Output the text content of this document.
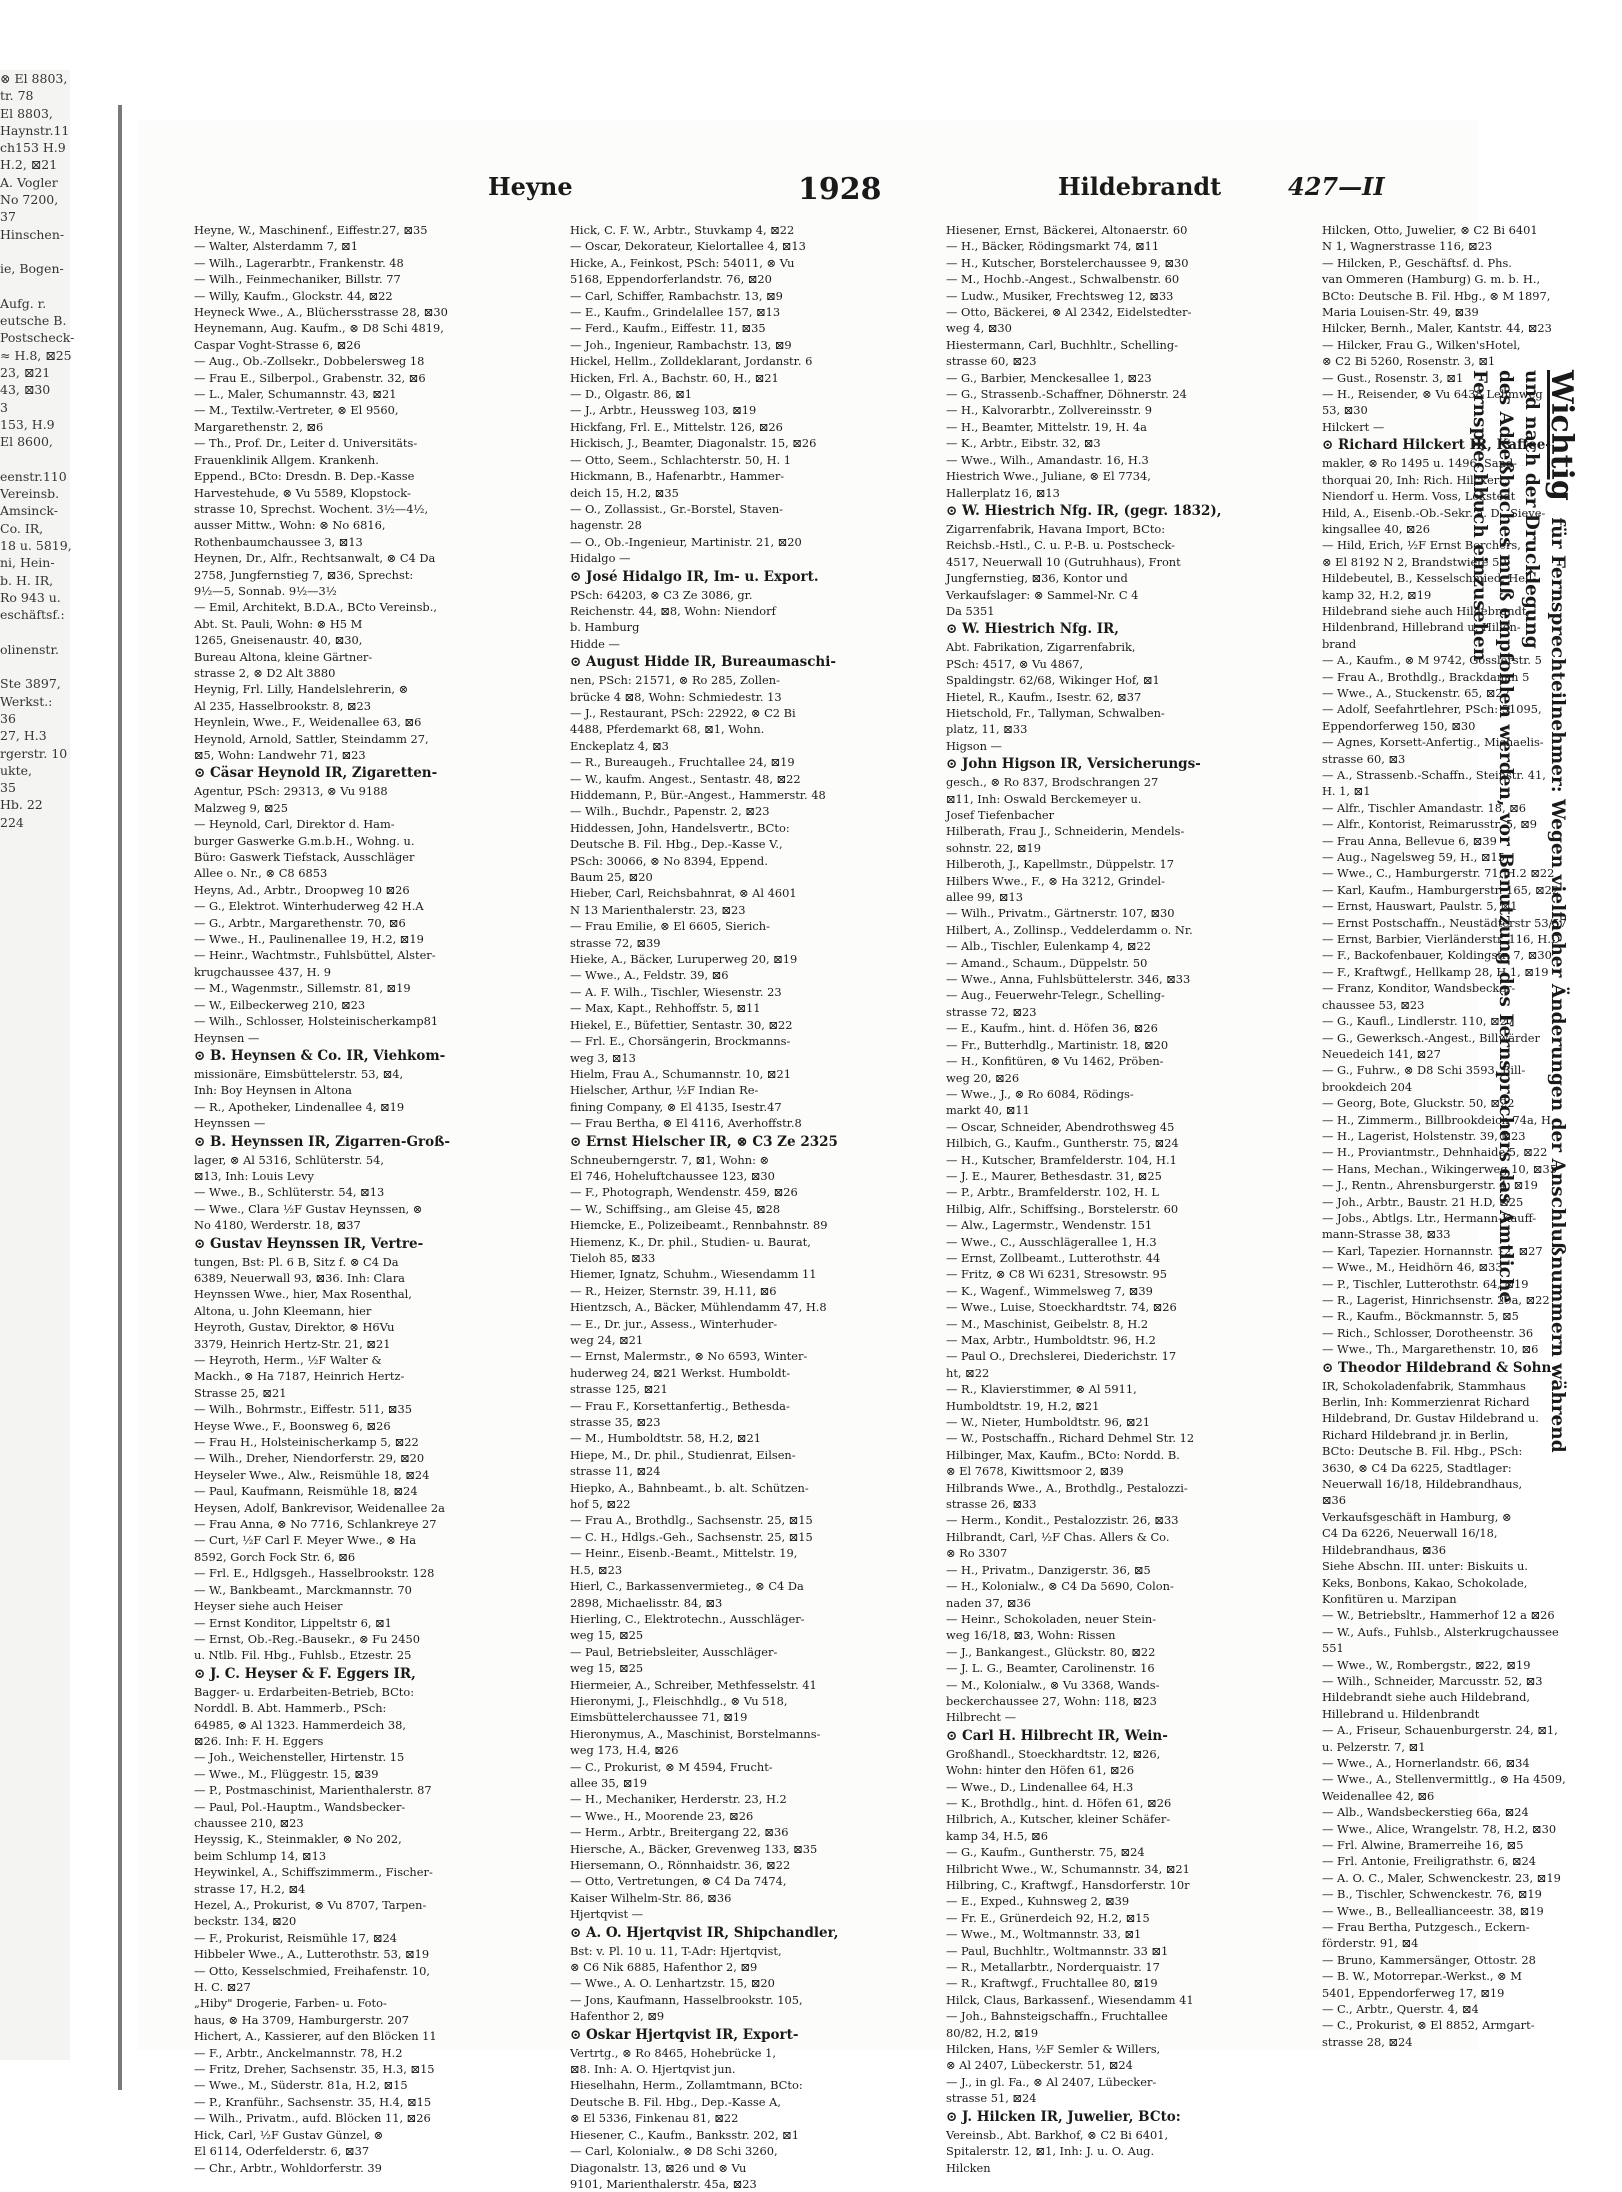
⊗ El 8803,
tr. 78
El 8803,
Haynstr.11
ch153 H.9
H.2, ⊠21
A. Vogler
No 7200,
37
Hinschen-

ie, Bogen-

Aufg. r.
eutsche B.
Postscheck-
≈ H.8, ⊠25
23, ⊠21
43, ⊠30
3
153, H.9
El 8600,

eenstr.110
Vereinsb.
Amsinck-
Co. IR,
18 u. 5819,
ni, Hein-
b. H. IR,
Ro 943 u.
eschäftsf.:

olinenstr.

Ste 3897,
Werkst.:
36
27, H.3
rgerstr. 10
ukte,
35
Hb. 22
224
Heyne	1928	Hildebrandt	427—II
Heyne, W., Maschinenf., Eiffestr.27, ⊠35
— Walter, Alsterdamm 7, ⊠1
— Wilh., Lagerarbtr., Frankenstr. 48
— Wilh., Feinmechaniker, Billstr. 77
— Willy, Kaufm., Glockstr. 44, ⊠22
Heyneck Wwe., A., Blüchersstrasse 28, ⊠30
Heynemann, Aug. Kaufm., ⊗ D8 Schi 4819,
Caspar Voght-Strasse 6, ⊠26
— Aug., Ob.-Zollsekr., Dobbelersweg 18
— Frau E., Silberpol., Grabenstr. 32, ⊠6
— L., Maler, Schumannstr. 43, ⊠21
— M., Textilw.-Vertreter, ⊗ El 9560,
Margarethenstr. 2, ⊠6
— Th., Prof. Dr., Leiter d. Universitäts-
Frauenklinik Allgem. Krankenh.
Eppend., BCto: Dresdn. B. Dep.-Kasse
Harvestehude, ⊗ Vu 5589, Klopstock-
strasse 10, Sprechst. Wochent. 3½—4½,
ausser Mittw., Wohn: ⊗ No 6816,
Rothenbaumchaussee 3, ⊠13
Heynen, Dr., Alfr., Rechtsanwalt, ⊗ C4 Da
2758, Jungfernstieg 7, ⊠36, Sprechst:
9½—5, Sonnab. 9½—3½
— Emil, Architekt, B.D.A., BCto Vereinsb.,
Abt. St. Pauli, Wohn: ⊗ H5 M
1265, Gneisenaustr. 40, ⊠30,
Bureau Altona, kleine Gärtner-
strasse 2, ⊗ D2 Alt 3880
Heynig, Frl. Lilly, Handelslehrerin, ⊗
Al 235, Hasselbrookstr. 8, ⊠23
Heynlein, Wwe., F., Weidenallee 63, ⊠6
Heynold, Arnold, Sattler, Steindamm 27,
⊠5, Wohn: Landwehr 71, ⊠23
⊙ Cäsar Heynold IR, Zigaretten-
Agentur, PSch: 29313, ⊗ Vu 9188
Malzweg 9, ⊠25
— Heynold, Carl, Direktor d. Ham-
burger Gaswerke G.m.b.H., Wohng. u.
Büro: Gaswerk Tiefstack, Ausschläger
Allee o. Nr., ⊗ C8 6853
Heyns, Ad., Arbtr., Droopweg 10 ⊠26
— G., Elektrot. Winterhuderweg 42 H.A
— G., Arbtr., Margarethenstr. 70, ⊠6
— Wwe., H., Paulinenallee 19, H.2, ⊠19
— Heinr., Wachtmstr., Fuhlsbüttel, Alster-
krugchaussee 437, H. 9
— M., Wagenmstr., Sillemstr. 81, ⊠19
— W., Eilbeckerweg 210, ⊠23
— Wilh., Schlosser, Holsteinischerkamp81
Heynsen —
⊙ B. Heynsen & Co. IR, Viehkom-
missionäre, Eimsbüttelerstr. 53, ⊠4,
Inh: Boy Heynsen in Altona
— R., Apotheker, Lindenallee 4, ⊠19
Heynssen —
⊙ B. Heynssen IR, Zigarren-Groß-
lager, ⊗ Al 5316, Schlüterstr. 54,
⊠13, Inh: Louis Levy
— Wwe., B., Schlüterstr. 54, ⊠13
— Wwe., Clara ½F Gustav Heynssen, ⊗
No 4180, Werderstr. 18, ⊠37
⊙ Gustav Heynssen IR, Vertre-
tungen, Bst: Pl. 6 B, Sitz f. ⊗ C4 Da
6389, Neuerwall 93, ⊠36. Inh: Clara
Heynssen Wwe., hier, Max Rosenthal,
Altona, u. John Kleemann, hier
Heyroth, Gustav, Direktor, ⊗ H6Vu
3379, Heinrich Hertz-Str. 21, ⊠21
— Heyroth, Herm., ½F Walter &
Mackh., ⊗ Ha 7187, Heinrich Hertz-
Strasse 25, ⊠21
— Wilh., Bohrmstr., Eiffestr. 511, ⊠35
Heyse Wwe., F., Boonsweg 6, ⊠26
— Frau H., Holsteinischerkamp 5, ⊠22
— Wilh., Dreher, Niendorferstr. 29, ⊠20
Heyseler Wwe., Alw., Reismühle 18, ⊠24
— Paul, Kaufmann, Reismühle 18, ⊠24
Heysen, Adolf, Bankrevisor, Weidenallee 2a
— Frau Anna, ⊗ No 7716, Schlankreye 27
— Curt, ½F Carl F. Meyer Wwe., ⊗ Ha
8592, Gorch Fock Str. 6, ⊠6
— Frl. E., Hdlgsgeh., Hasselbrookstr. 128
— W., Bankbeamt., Marckmannstr. 70
Heyser siehe auch Heiser
— Ernst Konditor, Lippeltstr 6, ⊠1
— Ernst, Ob.-Reg.-Bausekr., ⊗ Fu 2450
u. Ntlb. Fil. Hbg., Fuhlsb., Etzestr. 25
⊙ J. C. Heyser & F. Eggers IR,
Bagger- u. Erdarbeiten-Betrieb, BCto:
Norddl. B. Abt. Hammerb., PSch:
64985, ⊗ Al 1323. Hammerdeich 38,
⊠26. Inh: F. H. Eggers
— Joh., Weichensteller, Hirtenstr. 15
— Wwe., M., Flüggestr. 15, ⊠39
— P., Postmaschinist, Marienthalerstr. 87
— Paul, Pol.-Hauptm., Wandsbecker-
chaussee 210, ⊠23
Heyssig, K., Steinmakler, ⊗ No 202,
beim Schlump 14, ⊠13
Heywinkel, A., Schiffszimmerm., Fischer-
strasse 17, H.2, ⊠4
Hezel, A., Prokurist, ⊗ Vu 8707, Tarpen-
beckstr. 134, ⊠20
— F., Prokurist, Reismühle 17, ⊠24
Hibbeler Wwe., A., Lutterothstr. 53, ⊠19
— Otto, Kesselschmied, Freihafenstr. 10,
H. C. ⊠27
„Hiby" Drogerie, Farben- u. Foto-
haus, ⊗ Ha 3709, Hamburgerstr. 207
Hichert, A., Kassierer, auf den Blöcken 11
— F., Arbtr., Anckelmannstr. 78, H.2
— Fritz, Dreher, Sachsenstr. 35, H.3, ⊠15
— Wwe., M., Süderstr. 81a, H.2, ⊠15
— P., Kranführ., Sachsenstr. 35, H.4, ⊠15
— Wilh., Privatm., aufd. Blöcken 11, ⊠26
Hick, Carl, ½F Gustav Günzel, ⊗
El 6114, Oderfelderstr. 6, ⊠37
— Chr., Arbtr., Wohldorferstr. 39
Hick, C. F. W., Arbtr., Stuvkamp 4, ⊠22
— Oscar, Dekorateur, Kielortallee 4, ⊠13
Hicke, A., Feinkost, PSch: 54011, ⊗ Vu
5168, Eppendorferlandstr. 76, ⊠20
— Carl, Schiffer, Rambachstr. 13, ⊠9
— E., Kaufm., Grindelallee 157, ⊠13
— Ferd., Kaufm., Eiffestr. 11, ⊠35
— Joh., Ingenieur, Rambachstr. 13, ⊠9
Hickel, Hellm., Zolldeklarant, Jordanstr. 6
Hicken, Frl. A., Bachstr. 60, H., ⊠21
— D., Olgastr. 86, ⊠1
— J., Arbtr., Heussweg 103, ⊠19
Hickfang, Frl. E., Mittelstr. 126, ⊠26
Hickisch, J., Beamter, Diagonalstr. 15, ⊠26
— Otto, Seem., Schlachterstr. 50, H. 1
Hickmann, B., Hafenarbtr., Hammer-
deich 15, H.2, ⊠35
— O., Zollassist., Gr.-Borstel, Staven-
hagenstr. 28
— O., Ob.-Ingenieur, Martinistr. 21, ⊠20
Hidalgo —
⊙ José Hidalgo IR, Im- u. Export.
PSch: 64203, ⊗ C3 Ze 3086, gr.
Reichenstr. 44, ⊠8, Wohn: Niendorf
b. Hamburg
Hidde —
⊙ August Hidde IR, Bureaumaschi-
nen, PSch: 21571, ⊗ Ro 285, Zollen-
brücke 4 ⊠8, Wohn: Schmiedestr. 13
— J., Restaurant, PSch: 22922, ⊗ C2 Bi
4488, Pferdemarkt 68, ⊠1, Wohn.
Enckeplatz 4, ⊠3
— R., Bureaugeh., Fruchtallee 24, ⊠19
— W., kaufm. Angest., Sentastr. 48, ⊠22
Hiddemann, P., Bür.-Angest., Hammerstr. 48
— Wilh., Buchdr., Papenstr. 2, ⊠23
Hiddessen, John, Handelsvertr., BCto:
Deutsche B. Fil. Hbg., Dep.-Kasse V.,
PSch: 30066, ⊗ No 8394, Eppend.
Baum 25, ⊠20
Hieber, Carl, Reichsbahnrat, ⊗ Al 4601
N 13 Marienthalerstr. 23, ⊠23
— Frau Emilie, ⊗ El 6605, Sierich-
strasse 72, ⊠39
Hieke, A., Bäcker, Luruperweg 20, ⊠19
— Wwe., A., Feldstr. 39, ⊠6
— A. F. Wilh., Tischler, Wiesenstr. 23
— Max, Kapt., Rehhoffstr. 5, ⊠11
Hiekel, E., Büfettier, Sentastr. 30, ⊠22
— Frl. E., Chorsängerin, Brockmanns-
weg 3, ⊠13
Hielm, Frau A., Schumannstr. 10, ⊠21
Hielscher, Arthur, ½F Indian Re-
fining Company, ⊗ El 4135, Isestr.47
— Frau Bertha, ⊗ El 4116, Averhoffstr.8
⊙ Ernst Hielscher IR, ⊗ C3 Ze 2325
Schneuberngerstr. 7, ⊠1, Wohn: ⊗
El 746, Hoheluftchaussee 123, ⊠30
— F., Photograph, Wendenstr. 459, ⊠26
— W., Schiffsing., am Gleise 45, ⊠28
Hiemcke, E., Polizeibeamt., Rennbahnstr. 89
Hiemenz, K., Dr. phil., Studien- u. Baurat,
Tieloh 85, ⊠33
Hiemer, Ignatz, Schuhm., Wiesendamm 11
— R., Heizer, Sternstr. 39, H.11, ⊠6
Hientzsch, A., Bäcker, Mühlendamm 47, H.8
— E., Dr. jur., Assess., Winterhuder-
weg 24, ⊠21
— Ernst, Malermstr., ⊗ No 6593, Winter-
huderweg 24, ⊠21 Werkst. Humboldt-
strasse 125, ⊠21
— Frau F., Korsettanfertig., Bethesda-
strasse 35, ⊠23
— M., Humboldtstr. 58, H.2, ⊠21
Hiepe, M., Dr. phil., Studienrat, Eilsen-
strasse 11, ⊠24
Hiepko, A., Bahnbeamt., b. alt. Schützen-
hof 5, ⊠22
— Frau A., Brothdlg., Sachsenstr. 25, ⊠15
— C. H., Hdlgs.-Geh., Sachsenstr. 25, ⊠15
— Heinr., Eisenb.-Beamt., Mittelstr. 19,
H.5, ⊠23
Hierl, C., Barkassenvermieteg., ⊗ C4 Da
2898, Michaelisstr. 84, ⊠3
Hierling, C., Elektrotechn., Ausschläger-
weg 15, ⊠25
— Paul, Betriebsleiter, Ausschläger-
weg 15, ⊠25
Hiermeier, A., Schreiber, Methfesselstr. 41
Hieronymi, J., Fleischhdlg., ⊗ Vu 518,
Eimsbüttelerchaussee 71, ⊠19
Hieronymus, A., Maschinist, Borstelmanns-
weg 173, H.4, ⊠26
— C., Prokurist, ⊗ M 4594, Frucht-
allee 35, ⊠19
— H., Mechaniker, Herderstr. 23, H.2
— Wwe., H., Moorende 23, ⊠26
— Herm., Arbtr., Breitergang 22, ⊠36
Hiersche, A., Bäcker, Grevenweg 133, ⊠35
Hiersemann, O., Rönnhaidstr. 36, ⊠22
— Otto, Vertretungen, ⊗ C4 Da 7474,
Kaiser Wilhelm-Str. 86, ⊠36
Hjertqvist —
⊙ A. O. Hjertqvist IR, Shipchandler,
Bst: v. Pl. 10 u. 11, T-Adr: Hjertqvist,
⊗ C6 Nik 6885, Hafenthor 2, ⊠9
— Wwe., A. O. Lenhartzstr. 15, ⊠20
— Jons, Kaufmann, Hasselbrookstr. 105,
Hafenthor 2, ⊠9
⊙ Oskar Hjertqvist IR, Export-
Vertrtg., ⊗ Ro 8465, Hohebrücke 1,
⊠8. Inh: A. O. Hjertqvist jun.
Hieselhahn, Herm., Zollamtmann, BCto:
Deutsche B. Fil. Hbg., Dep.-Kasse A,
⊗ El 5336, Finkenau 81, ⊠22
Hiesener, C., Kaufm., Banksstr. 202, ⊠1
— Carl, Kolonialw., ⊗ D8 Schi 3260,
Diagonalstr. 13, ⊠26 und ⊗ Vu
9101, Marienthalerstr. 45a, ⊠23
Hiesener, Ernst, Bäckerei, Altonaerstr. 60
— H., Bäcker, Rödingsmarkt 74, ⊠11
— H., Kutscher, Borstelerchaussee 9, ⊠30
— M., Hochb.-Angest., Schwalbenstr. 60
— Ludw., Musiker, Frechtsweg 12, ⊠33
— Otto, Bäckerei, ⊗ Al 2342, Eidelstedter-
weg 4, ⊠30
Hiestermann, Carl, Buchhltr., Schelling-
strasse 60, ⊠23
— G., Barbier, Menckesallee 1, ⊠23
— G., Strassenb.-Schaffner, Döhnerstr. 24
— H., Kalvorarbtr., Zollvereinsstr. 9
— H., Beamter, Mittelstr. 19, H. 4a
— K., Arbtr., Eibstr. 32, ⊠3
— Wwe., Wilh., Amandastr. 16, H.3
Hiestrich Wwe., Juliane, ⊗ El 7734,
Hallerplatz 16, ⊠13
⊙ W. Hiestrich Nfg. IR, (gegr. 1832),
Zigarrenfabrik, Havana Import, BCto:
Reichsb.-Hstl., C. u. P.-B. u. Postscheck-
4517, Neuerwall 10 (Gutruhhaus), Front
Jungfernstieg, ⊠36, Kontor und
Verkaufslager: ⊗ Sammel-Nr. C 4
Da 5351
⊙ W. Hiestrich Nfg. IR,
Abt. Fabrikation, Zigarrenfabrik,
PSch: 4517, ⊗ Vu 4867,
Spaldingstr. 62/68, Wikinger Hof, ⊠1
Hietel, R., Kaufm., Isestr. 62, ⊠37
Hietschold, Fr., Tallyman, Schwalben-
platz, 11, ⊠33
Higson —
⊙ John Higson IR, Versicherungs-
gesch., ⊗ Ro 837, Brodschrangen 27
⊠11, Inh: Oswald Berckemeyer u.
Josef Tiefenbacher
Hilberath, Frau J., Schneiderin, Mendels-
sohnstr. 22, ⊠19
Hilberoth, J., Kapellmstr., Düppelstr. 17
Hilbers Wwe., F., ⊗ Ha 3212, Grindel-
allee 99, ⊠13
— Wilh., Privatm., Gärtnerstr. 107, ⊠30
Hilbert, A., Zollinsp., Veddelerdamm o. Nr.
— Alb., Tischler, Eulenkamp 4, ⊠22
— Amand., Schaum., Düppelstr. 50
— Wwe., Anna, Fuhlsbüttelerstr. 346, ⊠33
— Aug., Feuerwehr-Telegr., Schelling-
strasse 72, ⊠23
— E., Kaufm., hint. d. Höfen 36, ⊠26
— Fr., Butterhdlg., Martinistr. 18, ⊠20
— H., Konfitüren, ⊗ Vu 1462, Pröben-
weg 20, ⊠26
— Wwe., J., ⊗ Ro 6084, Rödings-
markt 40, ⊠11
— Oscar, Schneider, Abendrothsweg 45
Hilbich, G., Kaufm., Guntherstr. 75, ⊠24
— H., Kutscher, Bramfelderstr. 104, H.1
— J. E., Maurer, Bethesdastr. 31, ⊠25
— P., Arbtr., Bramfelderstr. 102, H. L
Hilbig, Alfr., Schiffsing., Borstelerstr. 60
— Alw., Lagermstr., Wendenstr. 151
— Wwe., C., Ausschlägerallee 1, H.3
— Ernst, Zollbeamt., Lutterothstr. 44
— Fritz, ⊗ C8 Wi 6231, Stresowstr. 95
— K., Wagenf., Wimmelsweg 7, ⊠39
— Wwe., Luise, Stoeckhardtstr. 74, ⊠26
— M., Maschinist, Geibelstr. 8, H.2
— Max, Arbtr., Humboldtstr. 96, H.2
— Paul O., Drechslerei, Diederichstr. 17
ht, ⊠22
— R., Klavierstimmer, ⊗ Al 5911,
Humboldtstr. 19, H.2, ⊠21
— W., Nieter, Humboldtstr. 96, ⊠21
— W., Postschaffn., Richard Dehmel Str. 12
Hilbinger, Max, Kaufm., BCto: Nordd. B.
⊗ El 7678, Kiwittsmoor 2, ⊠39
Hilbrands Wwe., A., Brothdlg., Pestalozzi-
strasse 26, ⊠33
— Herm., Kondit., Pestalozzistr. 26, ⊠33
Hilbrandt, Carl, ½F Chas. Allers & Co.
⊗ Ro 3307
— H., Privatm., Danzigerstr. 36, ⊠5
— H., Kolonialw., ⊗ C4 Da 5690, Colon-
naden 37, ⊠36
— Heinr., Schokoladen, neuer Stein-
weg 16/18, ⊠3, Wohn: Rissen
— J., Bankangest., Glückstr. 80, ⊠22
— J. L. G., Beamter, Carolinenstr. 16
— M., Kolonialw., ⊗ Vu 3368, Wands-
beckerchaussee 27, Wohn: 118, ⊠23
Hilbrecht —
⊙ Carl H. Hilbrecht IR, Wein-
Großhandl., Stoeckhardtstr. 12, ⊠26,
Wohn: hinter den Höfen 61, ⊠26
— Wwe., D., Lindenallee 64, H.3
— K., Brothdlg., hint. d. Höfen 61, ⊠26
Hilbrich, A., Kutscher, kleiner Schäfer-
kamp 34, H.5, ⊠6
— G., Kaufm., Guntherstr. 75, ⊠24
Hilbricht Wwe., W., Schumannstr. 34, ⊠21
Hilbring, C., Kraftwgf., Hansdorferstr. 10r
— E., Exped., Kuhnsweg 2, ⊠39
— Fr. E., Grünerdeich 92, H.2, ⊠15
— Wwe., M., Woltmannstr. 33, ⊠1
— Paul, Buchhltr., Woltmannstr. 33 ⊠1
— R., Metallarbtr., Norderquaistr. 17
— R., Kraftwgf., Fruchtallee 80, ⊠19
Hilck, Claus, Barkassenf., Wiesendamm 41
— Joh., Bahnsteigschaffn., Fruchtallee
80/82, H.2, ⊠19
Hilcken, Hans, ½F Semler & Willers,
⊗ Al 2407, Lübeckerstr. 51, ⊠24
— J., in gl. Fa., ⊗ Al 2407, Lübecker-
strasse 51, ⊠24
⊙ J. Hilcken IR, Juwelier, BCto:
Vereinsb., Abt. Barkhof, ⊗ C2 Bi 6401,
Spitalerstr. 12, ⊠1, Inh: J. u. O. Aug.
Hilcken
Hilcken, Otto, Juwelier, ⊗ C2 Bi 6401
N 1, Wagnerstrasse 116, ⊠23
— Hilcken, P., Geschäftsf. d. Phs.
van Ommeren (Hamburg) G. m. b. H.,
BCto: Deutsche B. Fil. Hbg., ⊗ M 1897,
Maria Louisen-Str. 49, ⊠39
Hilcker, Bernh., Maler, Kantstr. 44, ⊠23
— Hilcker, Frau G., Wilken'sHotel,
⊗ C2 Bi 5260, Rosenstr. 3, ⊠1
— Gust., Rosenstr. 3, ⊠1
— H., Reisender, ⊗ Vu 6438 Lehmweg
53, ⊠30
Hilckert —
⊙ Richard Hilckert IR, Kaffee-
makler, ⊗ Ro 1495 u. 1496, Sand-
thorquai 20, Inh: Rich. Hilckert,
Niendorf u. Herm. Voss, Lokstedt
Hild, A., Eisenb.-Ob.-Sekr. a. D., Sieve-
kingsallee 40, ⊠26
— Hild, Erich, ½F Ernst Borchers,
⊗ El 8192 N 2, Brandstwiete 50
Hildebeutel, B., Kesselschmied, Hell-
kamp 32, H.2, ⊠19
Hildebrand siehe auch Hildebrandt,
Hildenbrand, Hillebrand u. Hillen-
brand
— A., Kaufm., ⊗ M 9742, Gosslerstr. 5
— Frau A., Brothdlg., Brackdamm 5
— Wwe., A., Stuckenstr. 65, ⊠22
— Adolf, Seefahrtlehrer, PSch: 51095,
Eppendorferweg 150, ⊠30
— Agnes, Korsett-Anfertig., Michaelis-
strasse 60, ⊠3
— A., Strassenb.-Schaffn., Steinstr. 41,
H. 1, ⊠1
— Alfr., Tischler Amandastr. 18, ⊠6
— Alfr., Kontorist, Reimarusstr. 5, ⊠9
— Frau Anna, Bellevue 6, ⊠39
— Aug., Nagelsweg 59, H., ⊠15
— Wwe., C., Hamburgerstr. 71, H.2 ⊠22
— Karl, Kaufm., Hamburgerstr. 165, ⊠22
— Ernst, Hauswart, Paulstr. 5, ⊠1
— Ernst Postschaffn., Neustädterstr 53/57
— Ernst, Barbier, Vierländerstr. 116, H.D
— F., Backofenbauer, Koldingstr. 7, ⊠30
— F., Kraftwgf., Hellkamp 28, H.1, ⊠19
— Franz, Konditor, Wandsbecker-
chaussee 53, ⊠23
— G., Kaufl., Lindlerstr. 110, ⊠27
— G., Gewerksch.-Angest., Billwärder
Neuedeich 141, ⊠27
— G., Fuhrw., ⊗ D8 Schi 3593, Bill-
brookdeich 204
— Georg, Bote, Gluckstr. 50, ⊠22
— H., Zimmerm., Billbrookdeich 74a, H.
— H., Lagerist, Holstenstr. 39, ⊠23
— H., Proviantmstr., Dehnhaide 5, ⊠22
— Hans, Mechan., Wikingerweg 10, ⊠35
— J., Rentn., Ahrensburgerstr. 4, ⊠19
— Joh., Arbtr., Baustr. 21 H.D, ⊠25
— Jobs., Abtlgs. Ltr., Hermann-Kauff-
mann-Strasse 38, ⊠33
— Karl, Tapezier. Hornannstr. 12, ⊠27
— Wwe., M., Heidhörn 46, ⊠33
— P., Tischler, Lutterothstr. 64, ⊠19
— R., Lagerist, Hinrichsenstr. 29a, ⊠22
— R., Kaufm., Böckmannstr. 5, ⊠5
— Rich., Schlosser, Dorotheenstr. 36
— Wwe., Th., Margarethenstr. 10, ⊠6
⊙ Theodor Hildebrand & Sohn
IR, Schokoladenfabrik, Stammhaus
Berlin, Inh: Kommerzienrat Richard
Hildebrand, Dr. Gustav Hildebrand u.
Richard Hildebrand jr. in Berlin,
BCto: Deutsche B. Fil. Hbg., PSch:
3630, ⊗ C4 Da 6225, Stadtlager:
Neuerwall 16/18, Hildebrandhaus,
⊠36
Verkaufsgeschäft in Hamburg, ⊗
C4 Da 6226, Neuerwall 16/18,
Hildebrandhaus, ⊠36
Siehe Abschn. III. unter: Biskuits u.
Keks, Bonbons, Kakao, Schokolade,
Konfitüren u. Marzipan
— W., Betriebsltr., Hammerhof 12 a ⊠26
— W., Aufs., Fuhlsb., Alsterkrugchaussee
551
— Wwe., W., Rombergstr., ⊠22, ⊠19
— Wilh., Schneider, Marcusstr. 52, ⊠3
Hildebrandt siehe auch Hildebrand,
Hillebrand u. Hildenbrandt
— A., Friseur, Schauenburgerstr. 24, ⊠1,
u. Pelzerstr. 7, ⊠1
— Wwe., A., Hornerlandstr. 66, ⊠34
— Wwe., A., Stellenvermittlg., ⊗ Ha 4509,
Weidenallee 42, ⊠6
— Alb., Wandsbeckerstieg 66a, ⊠24
— Wwe., Alice, Wrangelstr. 78, H.2, ⊠30
— Frl. Alwine, Bramerreihe 16, ⊠5
— Frl. Antonie, Freiligrathstr. 6, ⊠24
— A. O. C., Maler, Schwenckestr. 23, ⊠19
— B., Tischler, Schwenckestr. 76, ⊠19
— Wwe., B., Belleallianceestr. 38, ⊠19
— Frau Bertha, Putzgesch., Eckern-
förderstr. 91, ⊠4
— Bruno, Kammersänger, Ottostr. 28
— B. W., Motorrepar.-Werkst., ⊗ M
5401, Eppendorferweg 17, ⊠19
— C., Arbtr., Querstr. 4, ⊠4
— C., Prokurist, ⊗ El 8852, Armgart-
strasse 28, ⊠24
Wichtig für Fernsprechteilnehmer: Wegen vielfacher Änderungen der Anschlußnummern während und nach der Drucklegung
des Adreßbuches muß empfohlen werden, vor Benutzung des Fernsprechers das Amtliche Fernsprechbuch einzusehen
